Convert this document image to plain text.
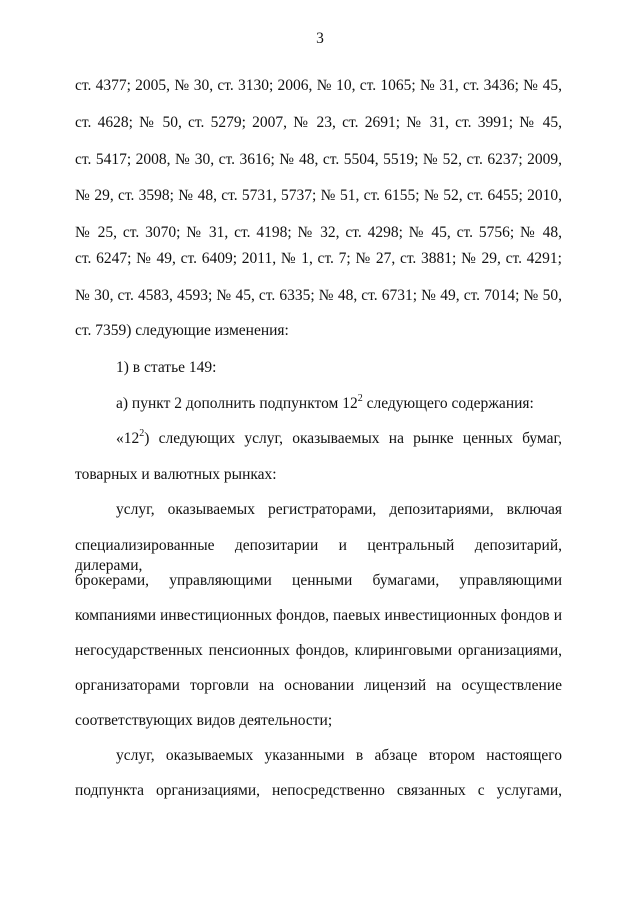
3
ст. 4377; 2005, № 30, ст. 3130; 2006, № 10, ст. 1065; № 31, ст. 3436; № 45,
ст. 4628; № 50, ст. 5279; 2007, № 23, ст. 2691; № 31, ст. 3991; № 45,
ст. 5417; 2008, № 30, ст. 3616; № 48, ст. 5504, 5519; № 52, ст. 6237; 2009,
№ 29, ст. 3598; № 48, ст. 5731, 5737; № 51, ст. 6155; № 52, ст. 6455; 2010,
№ 25, ст. 3070; № 31, ст. 4198; № 32, ст. 4298; № 45, ст. 5756; № 48,
ст. 6247; № 49, ст. 6409; 2011, № 1, ст. 7; № 27, ст. 3881; № 29, ст. 4291;
№ 30, ст. 4583, 4593; № 45, ст. 6335; № 48, ст. 6731; № 49, ст. 7014; № 50,
ст. 7359) следующие изменения:
1) в статье 149:
а) пункт 2 дополнить подпунктом $12^2$ следующего содержания:
«$12^2$) следующих услуг, оказываемых на рынке ценных бумаг,
товарных и валютных рынках:
услуг, оказываемых регистраторами, депозитариями, включая
специализированные депозитарии и центральный депозитарий, дилерами,
брокерами, управляющими ценными бумагами, управляющими
компаниями инвестиционных фондов, паевых инвестиционных фондов и
негосударственных пенсионных фондов, клиринговыми организациями,
организаторами торговли на основании лицензий на осуществление
соответствующих видов деятельности;
услуг, оказываемых указанными в абзаце втором настоящего
подпункта организациями, непосредственно связанных с услугами,
